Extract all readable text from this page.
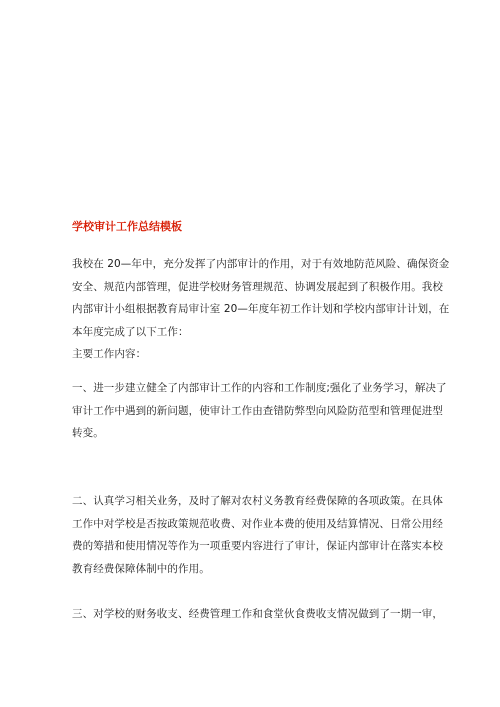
学校审计工作总结模板
我校在 20—年中，充分发挥了内部审计的作用，对于有效地防范风险、确保资金
安全、规范内部管理，促进学校财务管理规范、协调发展起到了积极作用。我校
内部审计小组根据教育局审计室 20—年度年初工作计划和学校内部审计计划，在
本年度完成了以下工作：
主要工作内容：
一、进一步建立健全了内部审计工作的内容和工作制度;强化了业务学习，解决了
审计工作中遇到的新问题，使审计工作由查错防弊型向风险防范型和管理促进型
转变。
二、认真学习相关业务，及时了解对农村义务教育经费保障的各项政策。在具体
工作中对学校是否按政策规范收费、对作业本费的使用及结算情况、日常公用经
费的筹措和使用情况等作为一项重要内容进行了审计，保证内部审计在落实本校
教育经费保障体制中的作用。
三、对学校的财务收支、经费管理工作和食堂伙食费收支情况做到了一期一审，
